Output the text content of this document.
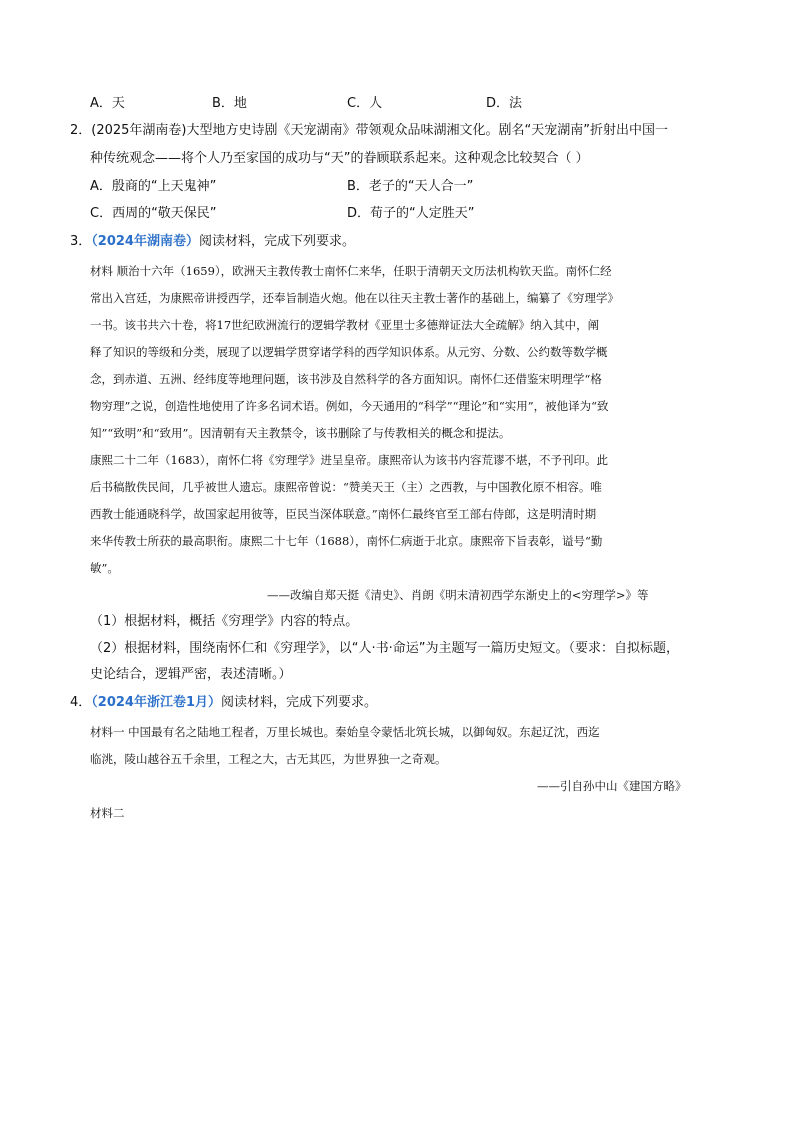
A．天	B．地	C．人	D．法
2．(2025年湖南卷)大型地方史诗剧《天宠湖南》带领观众品味湖湘文化。剧名“天宠湖南”折射出中国一
种传统观念——将个人乃至家国的成功与“天”的眷顾联系起来。这种观念比较契合（ ）
A．殷商的“上天鬼神”	B．老子的“天人合一”
C．西周的“敬天保民”	D．荀子的“人定胜天”
3．（2024年湖南卷）阅读材料，完成下列要求。
材料 顺治十六年（1659），欧洲天主教传教士南怀仁来华，任职于清朝天文历法机构钦天监。南怀仁经
常出入宫廷，为康熙帝讲授西学，还奉旨制造火炮。他在以往天主教士著作的基础上，编纂了《穷理学》
一书。该书共六十卷，将17世纪欧洲流行的逻辑学教材《亚里士多德辩证法大全疏解》纳入其中，阐
释了知识的等级和分类，展现了以逻辑学贯穿诸学科的西学知识体系。从元穷、分数、公约数等数学概
念，到赤道、五洲、经纬度等地理问题，该书涉及自然科学的各方面知识。南怀仁还借鉴宋明理学“格
物穷理”之说，创造性地使用了许多名词术语。例如，今天通用的“科学”“理论”和“实用”，被他译为“致
知”“致明”和“致用”。因清朝有天主教禁令，该书删除了与传教相关的概念和提法。
康熙二十二年（1683），南怀仁将《穷理学》进呈皇帝。康熙帝认为该书内容荒谬不堪，不予刊印。此
后书稿散佚民间，几乎被世人遗忘。康熙帝曾说：“赞美天王（主）之西教，与中国教化原不相容。唯
西教士能通晓科学，故国家起用彼等，臣民当深体联意。”南怀仁最终官至工部右侍郎，这是明清时期
来华传教士所获的最高职衔。康熙二十七年（1688），南怀仁病逝于北京。康熙帝下旨表彰，谥号“勤
敏”。
——改编自郑天挺《清史》、肖朗《明末清初西学东渐史上的<穷理学>》等
（1）根据材料，概括《穷理学》内容的特点。
（2）根据材料，围绕南怀仁和《穷理学》，以“人·书·命运”为主题写一篇历史短文。（要求：自拟标题，
史论结合，逻辑严密，表述清晰。）
4．（2024年浙江卷1月）阅读材料，完成下列要求。
材料一 中国最有名之陆地工程者，万里长城也。秦始皇令蒙恬北筑长城，以御匈奴。东起辽沈，西迄
临洮，陵山越谷五千余里，工程之大，古无其匹，为世界独一之奇观。
——引自孙中山《建国方略》
材料二
